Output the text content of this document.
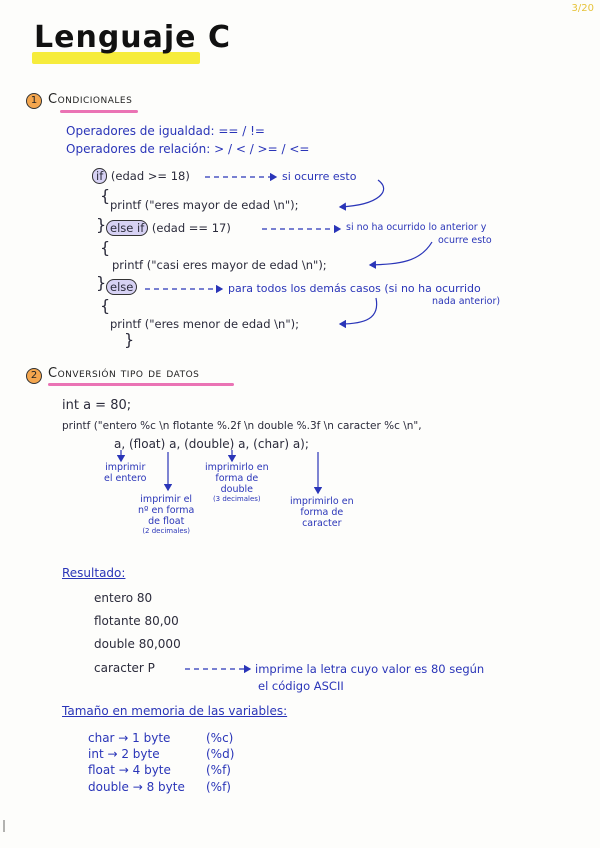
Lenguaje C
3/20
1 Condicionales
Operadores de igualdad: == / !=
Operadores de relación: > / < / >= / <=
if (edad >= 18)	si ocurre esto
{ printf ("eres mayor de edad \n");
} else if (edad == 17)	si no ha ocurrido lo anterior y
ocurre esto
{
printf ("casi eres mayor de edad \n");
} else	para todos los demás casos (si no ha ocurrido
nada anterior)
{
printf ("eres menor de edad \n");
}
2 Conversión tipo de datos
int a = 80;
printf ("entero %c \n flotante %.2f \n double %.3f \n caracter %c \n",
a, (float) a, (double) a, (char) a);
imprimir
el entero
imprimir el
nº en forma
de float
(2 decimales)
imprimirlo en
forma de
double
(3 decimales)	imprimirlo en
forma de
caracter
Resultado:
entero 80
flotante 80,00
double 80,000
caracter P	imprime la letra cuyo valor es 80 según
el código ASCII
Tamaño en memoria de las variables:
char → 1 byte	(%c)
int → 2 byte	(%d)
float → 4 byte	(%f)
double → 8 byte (%f)
